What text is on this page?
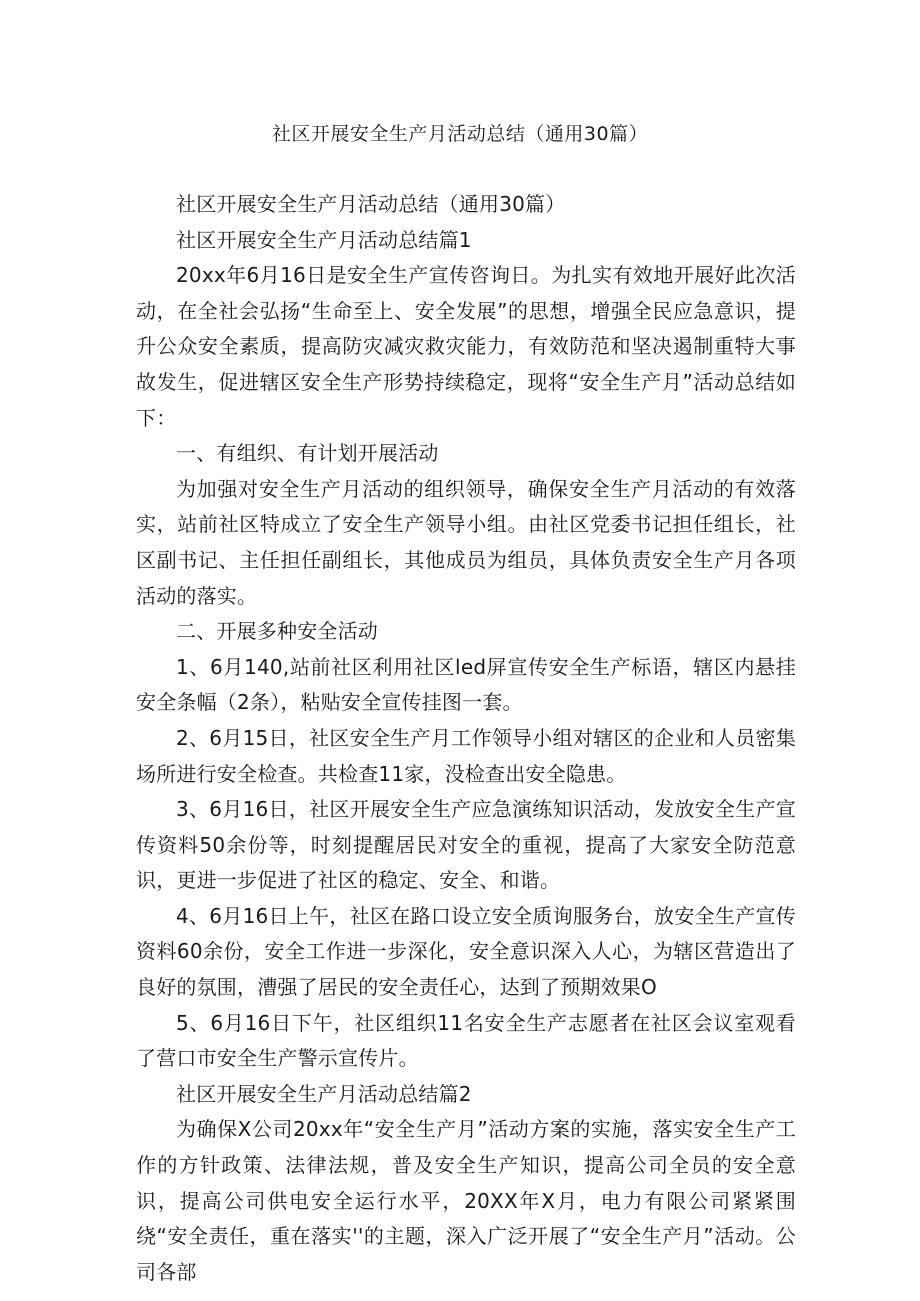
社区开展安全生产月活动总结（通用30篇）

社区开展安全生产月活动总结（通用30篇）

社区开展安全生产月活动总结篇1

20xx年6月16日是安全生产宣传咨询日。为扎实有效地开展好此次活动，在全社会弘扬“生命至上、安全发展”的思想，增强全民应急意识，提升公众安全素质，提高防灾减灾救灾能力，有效防范和坚决遏制重特大事故发生，促进辖区安全生产形势持续稳定，现将“安全生产月”活动总结如下：

一、有组织、有计划开展活动

为加强对安全生产月活动的组织领导，确保安全生产月活动的有效落实，站前社区特成立了安全生产领导小组。由社区党委书记担任组长，社区副书记、主任担任副组长，其他成员为组员，具体负责安全生产月各项活动的落实。

二、开展多种安全活动

1、6月140,站前社区利用社区led屏宣传安全生产标语，辖区内悬挂安全条幅（2条），粘贴安全宣传挂图一套。

2、6月15日，社区安全生产月工作领导小组对辖区的企业和人员密集场所进行安全检查。共检查11家，没检查出安全隐患。

3、6月16日，社区开展安全生产应急演练知识活动，发放安全生产宣传资料50余份等，时刻提醒居民对安全的重视，提高了大家安全防范意识，更进一步促进了社区的稳定、安全、和谐。

4、6月16日上午，社区在路口设立安全质询服务台，放安全生产宣传资料60余份，安全工作进一步深化，安全意识深入人心，为辖区营造出了良好的氛围，漕强了居民的安全责任心，达到了预期效果O

5、6月16日下午，社区组织11名安全生产志愿者在社区会议室观看了营口市安全生产警示宣传片。

社区开展安全生产月活动总结篇2

为确保X公司20xx年“安全生产月”活动方案的实施，落实安全生产工作的方针政策、法律法规，普及安全生产知识，提高公司全员的安全意识，提高公司供电安全运行水平，20XX年X月，电力有限公司紧紧围绕“安全责任，重在落实''的主题，深入广泛开展了“安全生产月”活动。公司各部
